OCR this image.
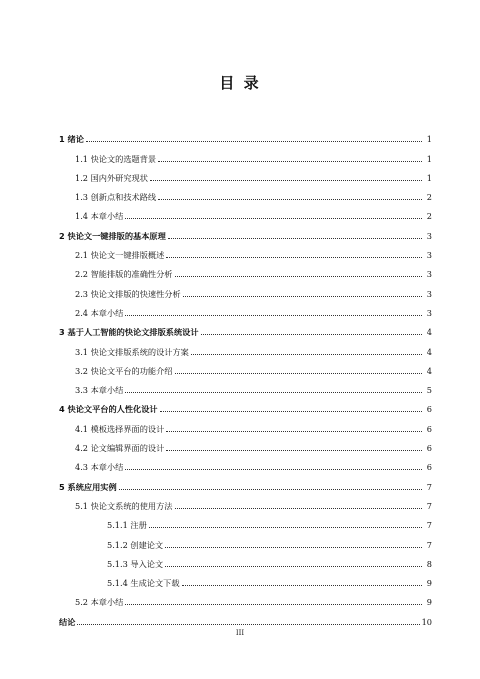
目 录
1 绪论	1
1.1 快论文的选题背景	1
1.2 国内外研究现状	1
1.3 创新点和技术路线	2
1.4 本章小结	2
2 快论文一键排版的基本原理	3
2.1 快论文一键排版概述	3
2.2 智能排版的准确性分析	3
2.3 快论文排版的快速性分析	3
2.4 本章小结	3
3 基于人工智能的快论文排版系统设计	4
3.1 快论文排版系统的设计方案	4
3.2 快论文平台的功能介绍	4
3.3 本章小结	5
4 快论文平台的人性化设计	6
4.1 模板选择界面的设计	6
4.2 论文编辑界面的设计	6
4.3 本章小结	6
5 系统应用实例	7
5.1 快论文系统的使用方法	7
5.1.1 注册	7
5.1.2 创建论文	7
5.1.3 导入论文	8
5.1.4 生成论文下载	9
5.2 本章小结	9
结论	10
III
